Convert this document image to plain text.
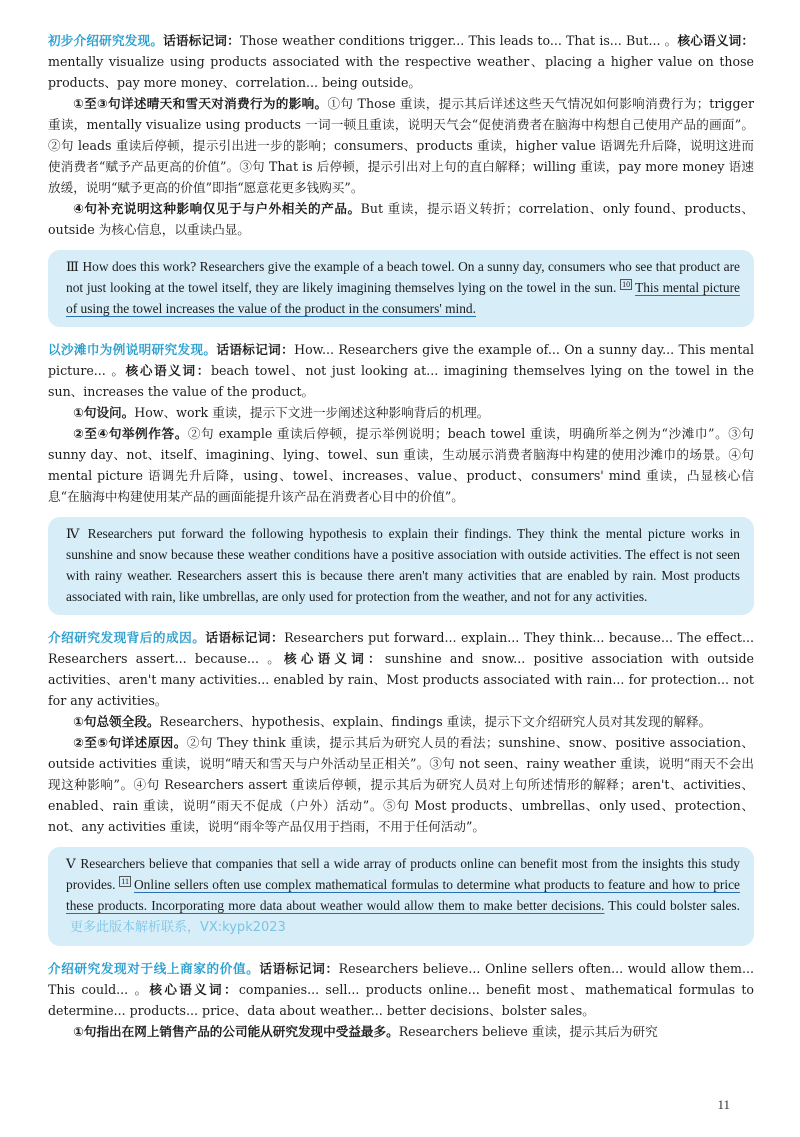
初步介绍研究发现。话语标记词：Those weather conditions trigger... This leads to... That is... But... 。核心语义词：mentally visualize using products associated with the respective weather、placing a higher value on those products、pay more money、correlation... being outside。

①至③句详述晴天和雪天对消费行为的影响。①句 Those 重读，提示其后详述这些天气情况如何影响消费行为；trigger 重读，mentally visualize using products 一词一顿且重读，说明天气会“促使消费者在脑海中构想自己使用产品的画面”。②句 leads 重读后停顿，提示引出进一步的影响；consumers、products 重读，higher value 语调先升后降，说明这进而使消费者“赋予产品更高的价值”。③句 That is 后停顿，提示引出对上句的直白解释；willing 重读，pay more money 语速放缓，说明“赋予更高的价值”即指“愿意花更多钱购买”。

④句补充说明这种影响仅见于与户外相关的产品。But 重读，提示语义转折；correlation、only found、products、outside 为核心信息，以重读凸显。

Ⅲ How does this work? Researchers give the example of a beach towel. On a sunny day, consumers who see that product are not just looking at the towel itself, they are likely imagining themselves lying on the towel in the sun. 10 This mental picture of using the towel increases the value of the product in the consumers' mind.

以沙滩巾为例说明研究发现。话语标记词：How... Researchers give the example of... On a sunny day... This mental picture... 。核心语义词：beach towel、not just looking at... imagining themselves lying on the towel in the sun、increases the value of the product。

①句设问。How、work 重读，提示下文进一步阐述这种影响背后的机理。

②至④句举例作答。②句 example 重读后停顿，提示举例说明；beach towel 重读，明确所举之例为“沙滩巾”。③句 sunny day、not、itself、imagining、lying、towel、sun 重读，生动展示消费者脑海中构建的使用沙滩巾的场景。④句 mental picture 语调先升后降，using、towel、increases、value、product、consumers' mind 重读，凸显核心信息“在脑海中构建使用某产品的画面能提升该产品在消费者心目中的价值”。

Ⅳ Researchers put forward the following hypothesis to explain their findings. They think the mental picture works in sunshine and snow because these weather conditions have a positive association with outside activities. The effect is not seen with rainy weather. Researchers assert this is because there aren't many activities that are enabled by rain. Most products associated with rain, like umbrellas, are only used for protection from the weather, and not for any activities.

介绍研究发现背后的成因。话语标记词：Researchers put forward... explain... They think... because... The effect... Researchers assert... because... 。核心语义词：sunshine and snow... positive association with outside activities、aren't many activities... enabled by rain、Most products associated with rain... for protection... not for any activities。

①句总领全段。Researchers、hypothesis、explain、findings 重读，提示下文介绍研究人员对其发现的解释。

②至⑤句详述原因。②句 They think 重读，提示其后为研究人员的看法；sunshine、snow、positive association、outside activities 重读，说明“晴天和雪天与户外活动呈正相关”。③句 not seen、rainy weather 重读，说明“雨天不会出现这种影响”。④句 Researchers assert 重读后停顿，提示其后为研究人员对上句所述情形的解释；aren't、activities、enabled、rain 重读，说明“雨天不促成（户外）活动”。⑤句 Most products、umbrellas、only used、protection、not、any activities 重读，说明“雨伞等产品仅用于挡雨，不用于任何活动”。

Ⅴ Researchers believe that companies that sell a wide array of products online can benefit most from the insights this study provides. 11 Online sellers often use complex mathematical formulas to determine what products to feature and how to price these products. Incorporating more data about weather would allow them to make better decisions. This could bolster sales.更多此版本解析联系，VX:kypk2023

介绍研究发现对于线上商家的价值。话语标记词：Researchers believe... Online sellers often... would allow them... This could... 。核心语义词：companies... sell... products online... benefit most、mathematical formulas to determine... products... price、data about weather... better decisions、bolster sales。

①句指出在网上销售产品的公司能从研究发现中受益最多。Researchers believe 重读，提示其后为研究

11
